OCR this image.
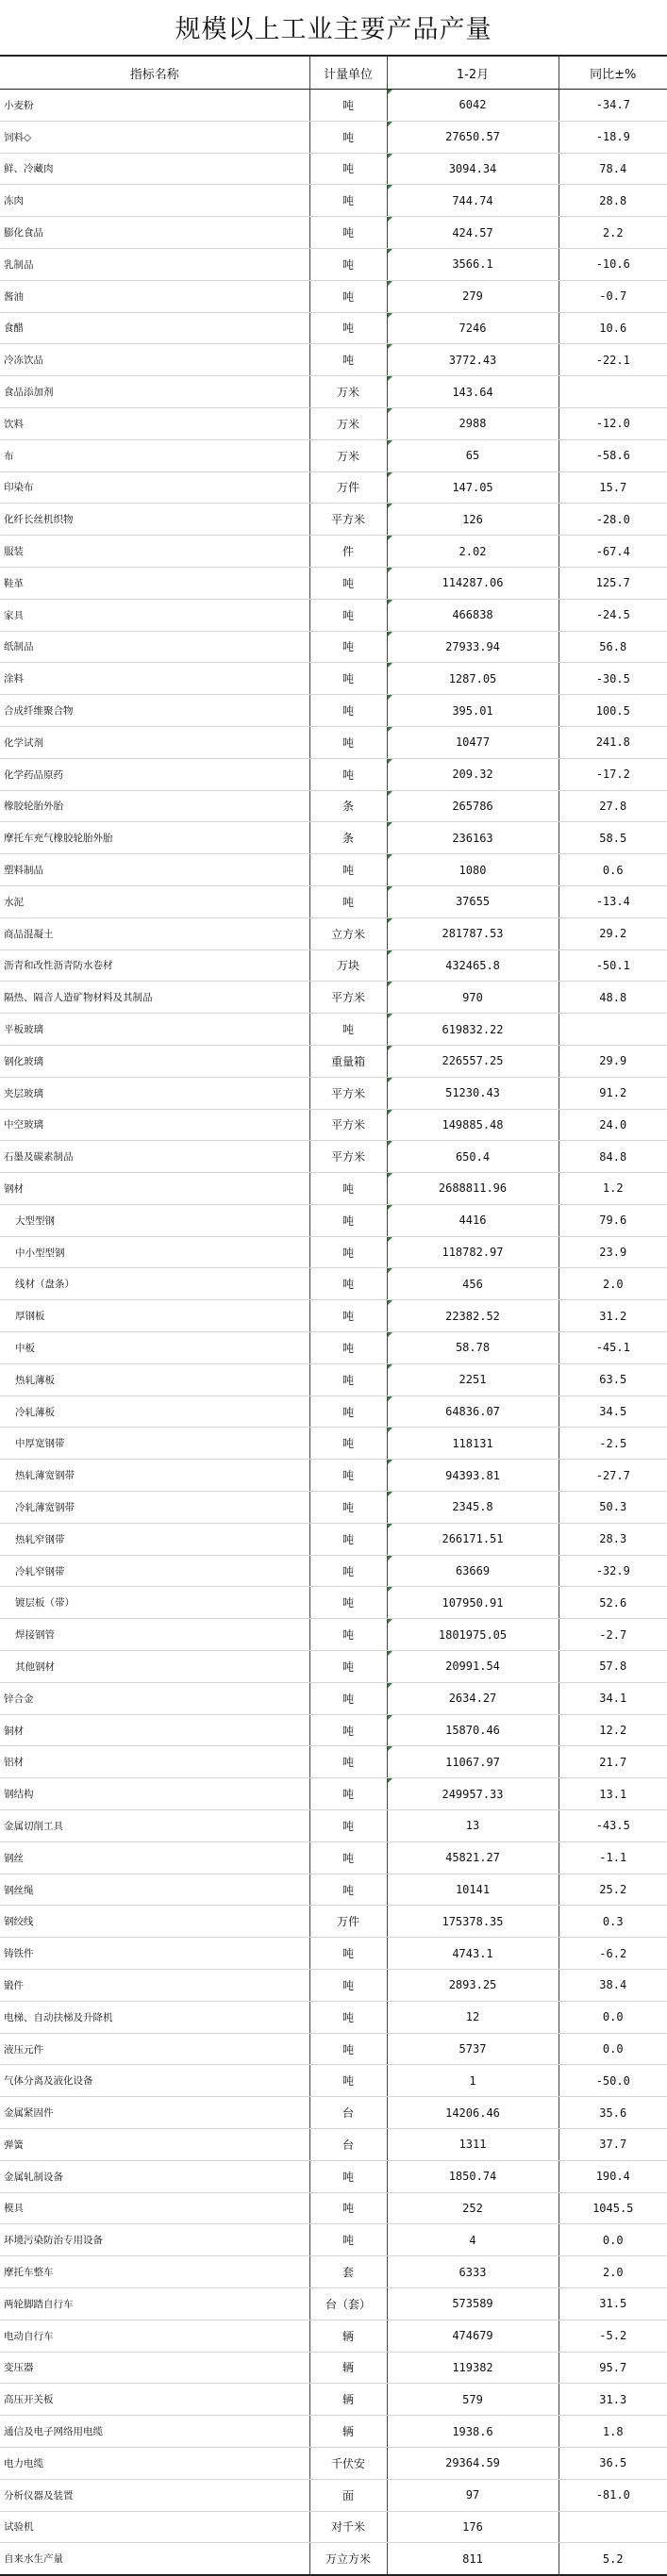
规模以上工业主要产品产量
指标名称	计量单位	1-2月	同比±%
小麦粉	吨	6042	-34.7
饲料◇	吨	27650.57	-18.9
鲜、冷藏肉	吨	3094.34	78.4
冻肉	吨	744.74	28.8
膨化食品	吨	424.57	2.2
乳制品	吨	3566.1	-10.6
酱油	吨	279	-0.7
食醋	吨	7246	10.6
冷冻饮品	吨	3772.43	-22.1
食品添加剂	万米	143.64

饮料	万米	2988	-12.0
布	万米	65	-58.6
印染布	万件	147.05	15.7
化纤长丝机织物	平方米	126	-28.0
服装	件	2.02	-67.4
鞋革	吨	114287.06	125.7
家具	吨	466838	-24.5
纸制品	吨	27933.94	56.8
涂料	吨	1287.05	-30.5
合成纤维聚合物	吨	395.01	100.5
化学试剂	吨	10477	241.8
化学药品原药	吨	209.32	-17.2
橡胶轮胎外胎	条	265786	27.8
摩托车充气橡胶轮胎外胎	条	236163	58.5
塑料制品	吨	1080	0.6
水泥	吨	37655	-13.4
商品混凝土	立方米	281787.53	29.2
沥青和改性沥青防水卷材	万块	432465.8	-50.1
隔热、隔音人造矿物材料及其制品	平方米	970	48.8
平板玻璃	吨	619832.22

钢化玻璃	重量箱	226557.25	29.9
夹层玻璃	平方米	51230.43	91.2
中空玻璃	平方米	149885.48	24.0
石墨及碳素制品	平方米	650.4	84.8
钢材	吨	2688811.96	1.2
大型型钢	吨	4416	79.6
中小型型钢	吨	118782.97	23.9
线材（盘条）	吨	456	2.0
厚钢板	吨	22382.52	31.2
中板	吨	58.78	-45.1
热轧薄板	吨	2251	63.5
冷轧薄板	吨	64836.07	34.5
中厚宽钢带	吨	118131	-2.5
热轧薄宽钢带	吨	94393.81	-27.7
冷轧薄宽钢带	吨	2345.8	50.3
热轧窄钢带	吨	266171.51	28.3
冷轧窄钢带	吨	63669	-32.9
镀层板（带）	吨	107950.91	52.6
焊接钢管	吨	1801975.05	-2.7
其他钢材	吨	20991.54	57.8
锌合金	吨	2634.27	34.1
铜材	吨	15870.46	12.2
铝材	吨	11067.97	21.7
钢结构	吨	249957.33	13.1
金属切削工具	吨	13	-43.5
钢丝	吨	45821.27	-1.1
钢丝绳	吨	10141	25.2
钢绞线	万件	175378.35	0.3
铸铁件	吨	4743.1	-6.2
锻件	吨	2893.25	38.4
电梯、自动扶梯及升降机	吨	12	0.0
液压元件	吨	5737	0.0
气体分离及液化设备	吨	1	-50.0
金属紧固件	台	14206.46	35.6
弹簧	台	1311	37.7
金属轧制设备	吨	1850.74	190.4
模具	吨	252	1045.5
环境污染防治专用设备	吨	4	0.0
摩托车整车	套	6333	2.0
两轮脚踏自行车	台（套）	573589	31.5
电动自行车	辆	474679	-5.2
变压器	辆	119382	95.7
高压开关板	辆	579	31.3
通信及电子网络用电缆	辆	1938.6	1.8
电力电缆	千伏安	29364.59	36.5
分析仪器及装置	面	97	-81.0
试验机	对千米	176	
自来水生产量	万立方米	811	5.2
